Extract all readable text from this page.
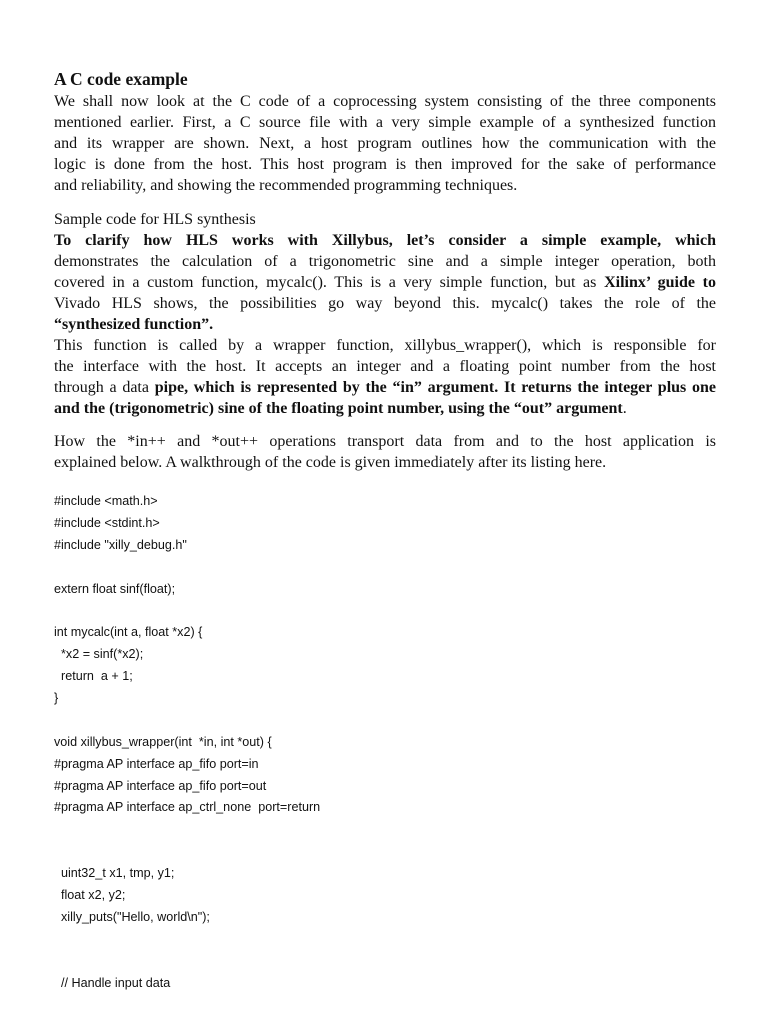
A C code example

We shall now look at the C code of a coprocessing system consisting of the three components
mentioned earlier. First, a C source file with a very simple example of a synthesized function
and its wrapper are shown. Next, a host program outlines how the communication with the
logic is done from the host. This host program is then improved for the sake of performance
and reliability, and showing the recommended programming techniques.

Sample code for HLS synthesis

To clarify how HLS works with Xillybus, let’s consider a simple example, which
demonstrates the calculation of a trigonometric sine and a simple integer operation, both
covered in a custom function, mycalc(). This is a very simple function, but as Xilinx’ guide to
Vivado HLS shows, the possibilities go way beyond this. mycalc() takes the role of the
“synthesized function”.
This function is called by a wrapper function, xillybus_wrapper(), which is responsible for
the interface with the host. It accepts an integer and a floating point number from the host
through a data pipe, which is represented by the “in” argument. It returns the integer plus one
and the (trigonometric) sine of the floating point number, using the “out” argument.

How the *in++ and *out++ operations transport data from and to the host application is
explained below. A walkthrough of the code is given immediately after its listing here.

#include <math.h>
#include <stdint.h>
#include "xilly_debug.h"
extern float sinf(float);
int mycalc(int a, float *x2) {
*x2 = sinf(*x2);
return  a + 1;
}
void xillybus_wrapper(int  *in, int *out) {
#pragma AP interface ap_fifo port=in
#pragma AP interface ap_fifo port=out
#pragma AP interface ap_ctrl_none  port=return
uint32_t x1, tmp, y1;
float x2, y2;
xilly_puts("Hello, world\n");
// Handle input data
